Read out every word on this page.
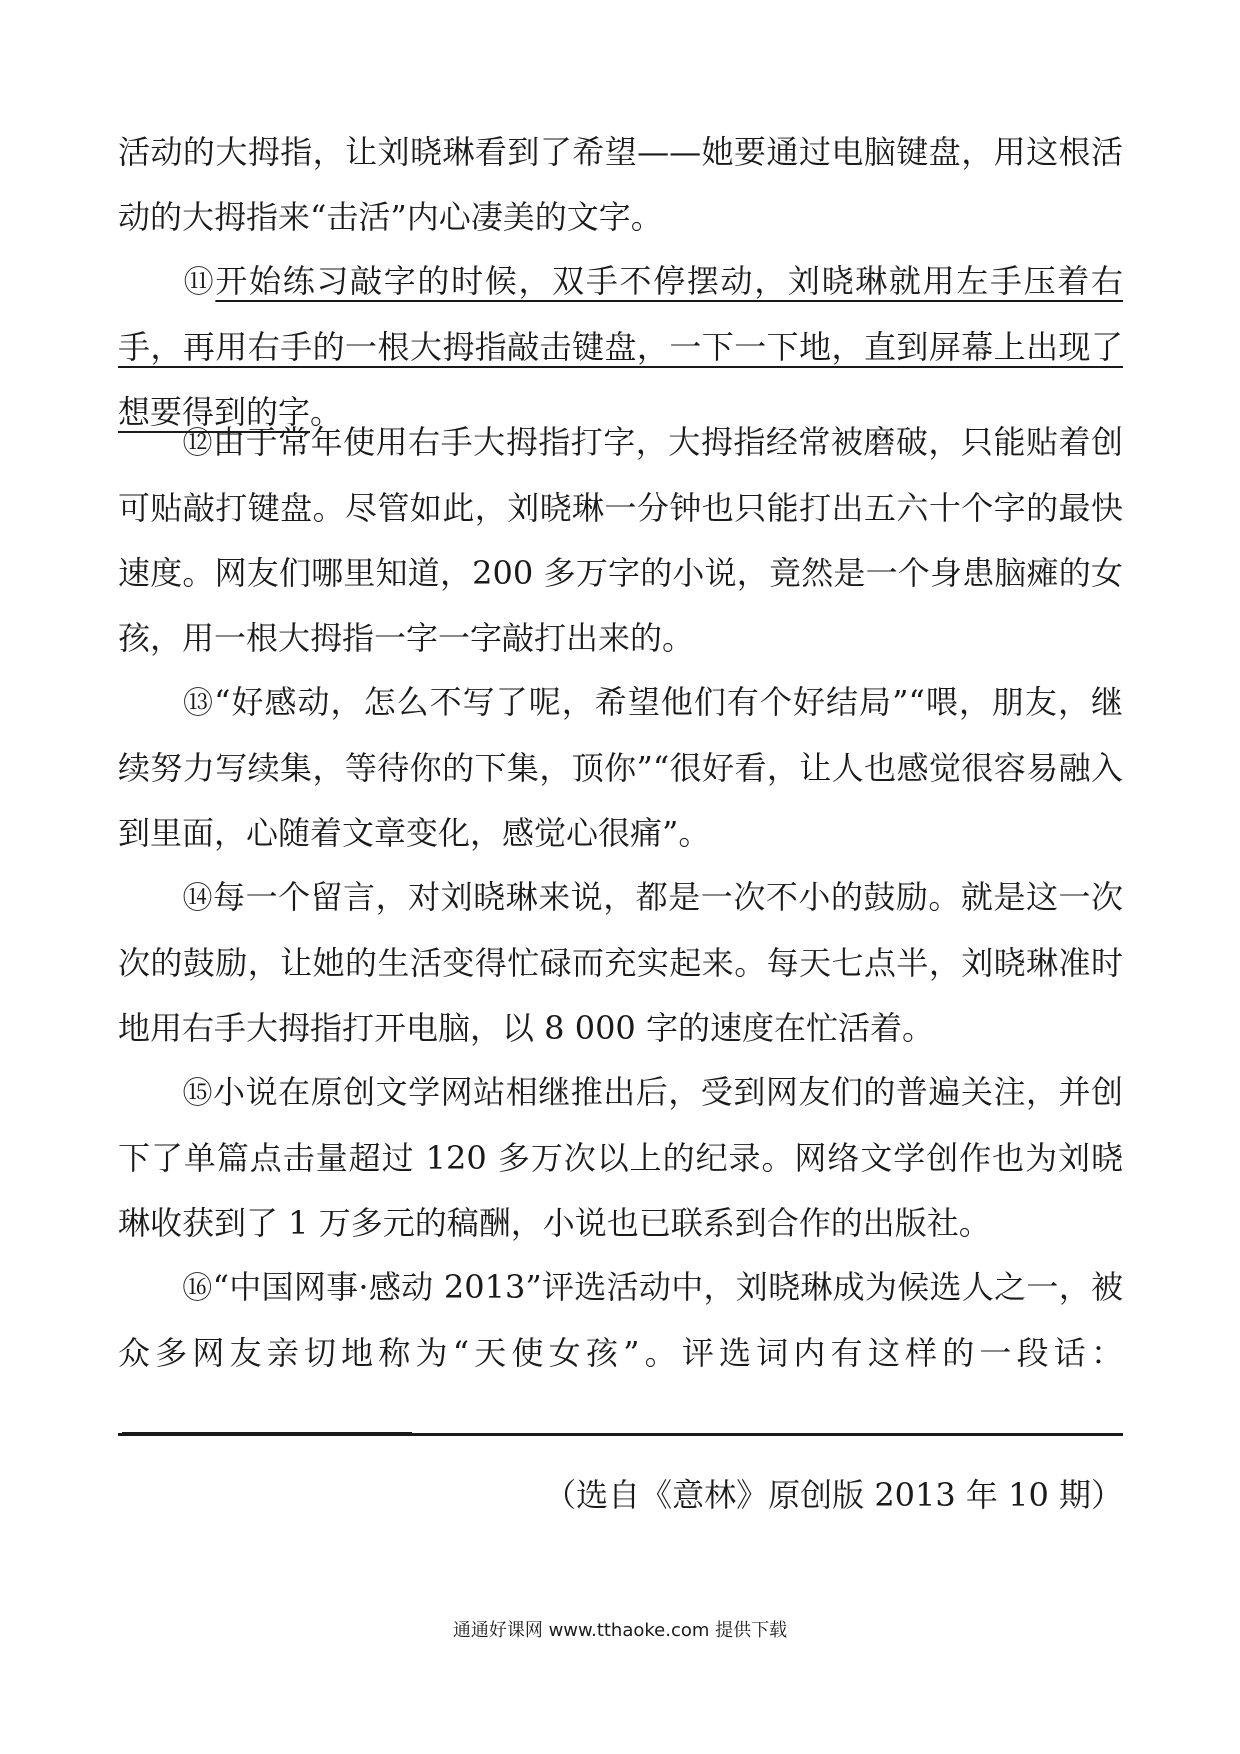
活动的大拇指，让刘晓琳看到了希望——她要通过电脑键盘，用这根活动的大拇指来“击活”内心凄美的文字。

⑪开始练习敲字的时候，双手不停摆动，刘晓琳就用左手压着右手，再用右手的一根大拇指敲击键盘，一下一下地，直到屏幕上出现了想要得到的字。

⑫由于常年使用右手大拇指打字，大拇指经常被磨破，只能贴着创可贴敲打键盘。尽管如此，刘晓琳一分钟也只能打出五六十个字的最快速度。网友们哪里知道，200 多万字的小说，竟然是一个身患脑瘫的女孩，用一根大拇指一字一字敲打出来的。

⑬“好感动，怎么不写了呢，希望他们有个好结局”“喂，朋友，继续努力写续集，等待你的下集，顶你”“很好看，让人也感觉很容易融入到里面，心随着文章变化，感觉心很痛”。

⑭每一个留言，对刘晓琳来说，都是一次不小的鼓励。就是这一次次的鼓励，让她的生活变得忙碌而充实起来。每天七点半，刘晓琳准时地用右手大拇指打开电脑，以 8 000 字的速度在忙活着。

⑮小说在原创文学网站相继推出后，受到网友们的普遍关注，并创下了单篇点击量超过 120 多万次以上的纪录。网络文学创作也为刘晓琳收获到了 1 万多元的稿酬，小说也已联系到合作的出版社。

⑯“中国网事·感动 2013”评选活动中，刘晓琳成为候选人之一，被众多网友亲切地称为“天使女孩”。评选词内有这样的一段话：

（选自《意林》原创版 2013 年 10 期）
通通好课网 www.tthaoke.com 提供下载
